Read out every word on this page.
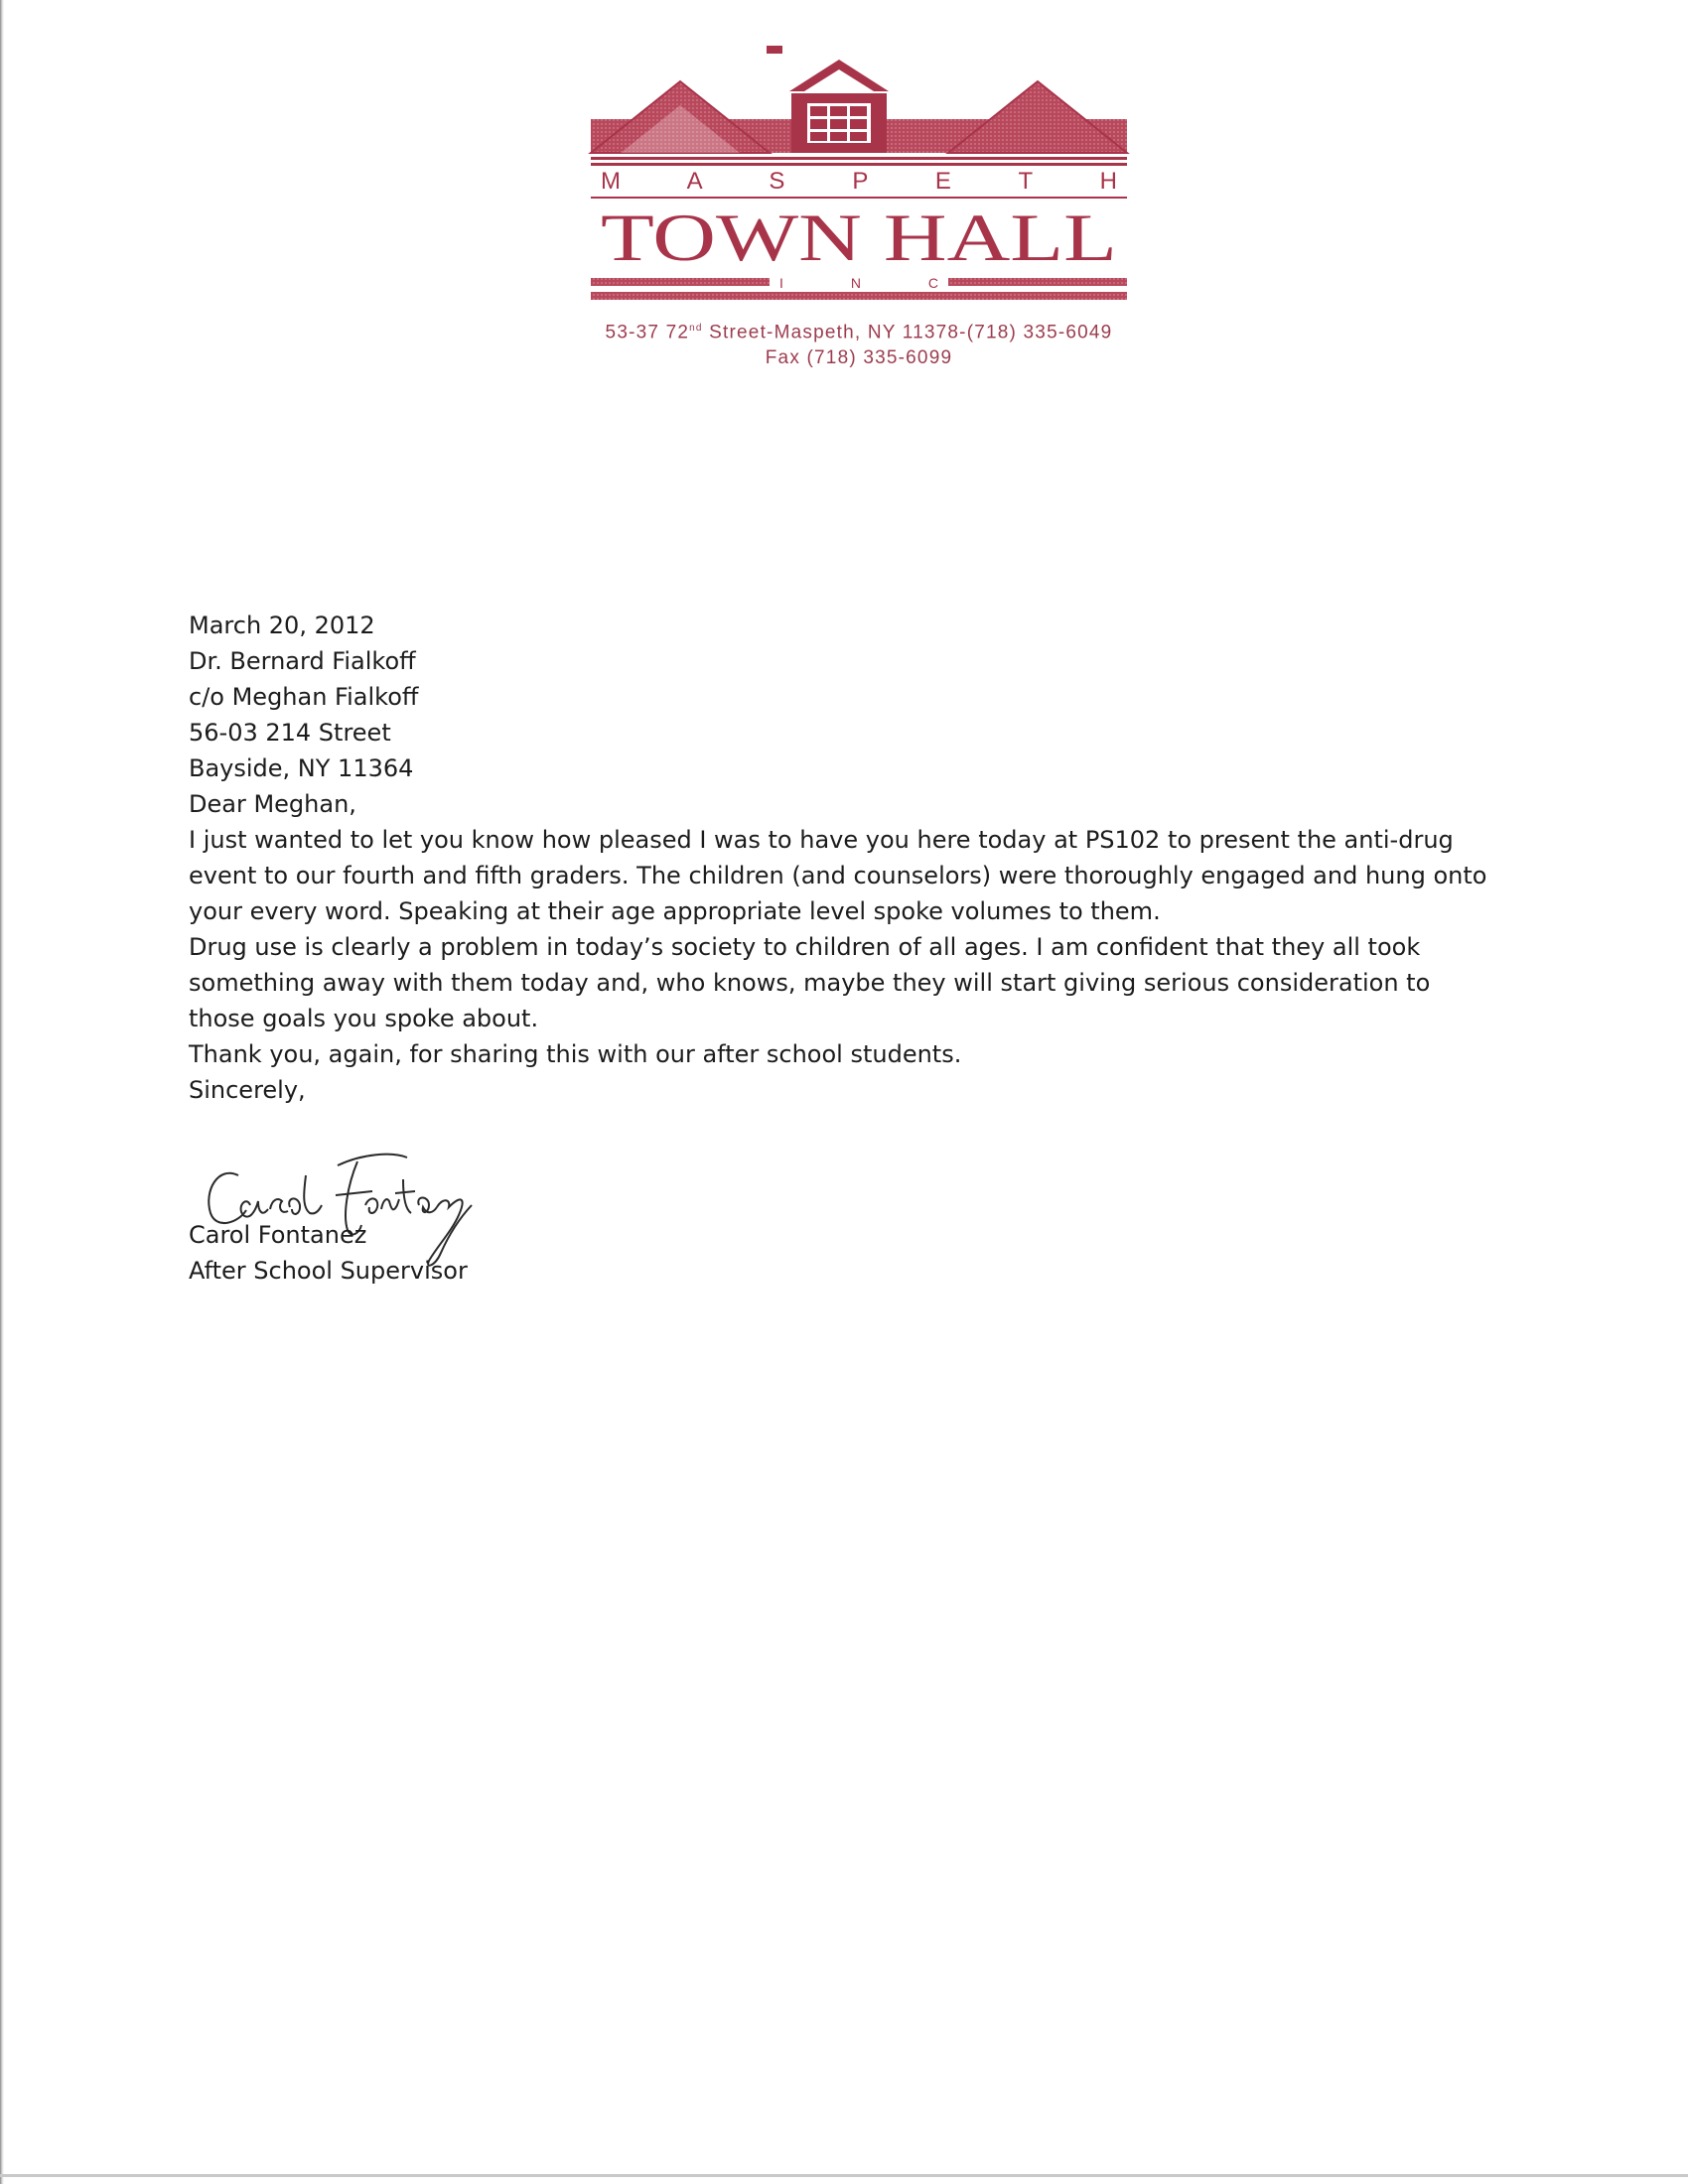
M A S P E T H
TOWN HALL
I N C
53-37 72nd Street-Maspeth, NY 11378-(718) 335-6049
Fax (718) 335-6099

March 20, 2012

Dr. Bernard Fialkoff
c/o Meghan Fialkoff
56-03 214 Street
Bayside, NY 11364

Dear Meghan,

I just wanted to let you know how pleased I was to have you here today at PS102 to present the anti-drug event to our fourth and fifth graders. The children (and counselors) were thoroughly engaged and hung onto your every word. Speaking at their age appropriate level spoke volumes to them.

Drug use is clearly a problem in today’s society to children of all ages. I am confident that they all took something away with them today and, who knows, maybe they will start giving serious consideration to those goals you spoke about.

Thank you, again, for sharing this with our after school students.

Sincerely,

Carol Fontanez
After School Supervisor
